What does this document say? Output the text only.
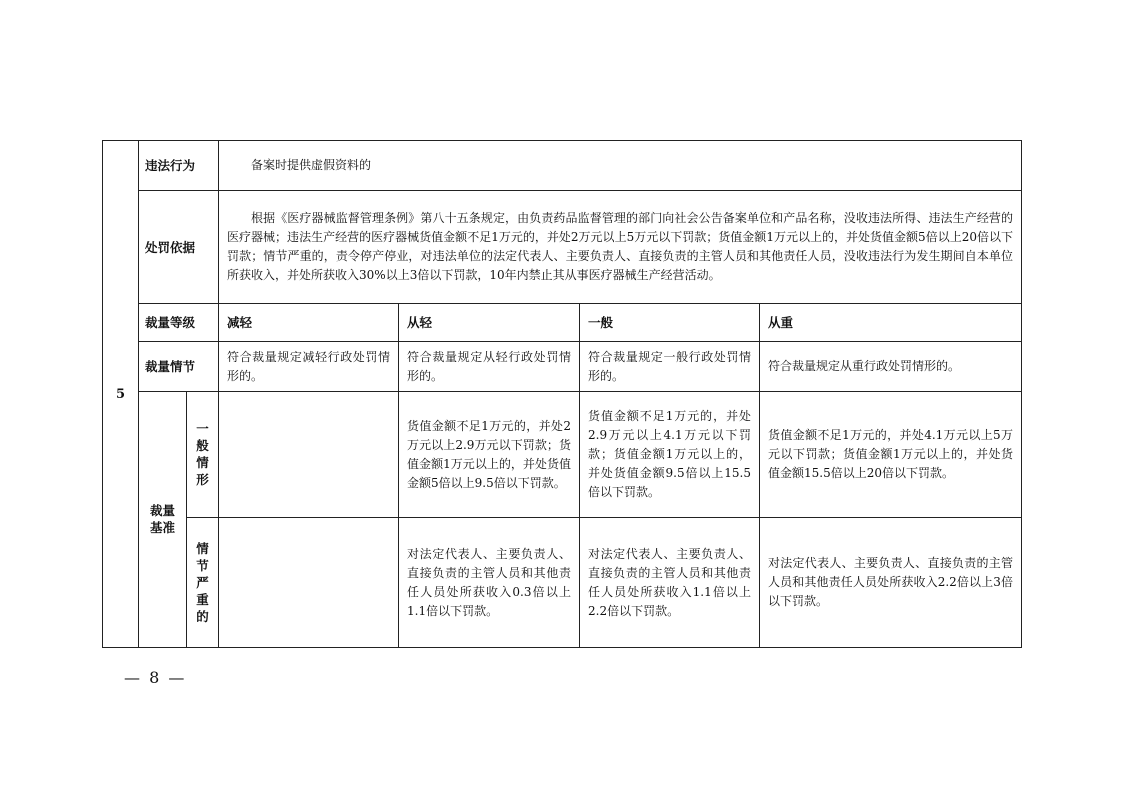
5	违法行为		备案时提供虚假资料的			
	处罚依据		根据《医疗器械监督管理条例》第八十五条规定，由负责药品监督管理的部门向社会公告备案单位和产品名称，没收违法所得、违法生产经营的医疗器械；违法生产经营的医疗器械货值金额不足1万元的，并处2万元以上5万元以下罚款；货值金额1万元以上的，并处货值金额5倍以上20倍以下罚款；情节严重的，责令停产停业，对违法单位的法定代表人、主要负责人、直接负责的主管人员和其他责任人员，没收违法行为发生期间自本单位所获收入，并处所获收入30%以上3倍以下罚款，10年内禁止其从事医疗器械生产经营活动。			
	裁量等级		减轻	从轻	一般	从重
	裁量情节		符合裁量规定减轻行政处罚情形的。	符合裁量规定从轻行政处罚情形的。	符合裁量规定一般行政处罚情形的。	符合裁量规定从重行政处罚情形的。
	裁量基准	一般情形		货值金额不足1万元的，并处2万元以上2.9万元以下罚款；货值金额1万元以上的，并处货值金额5倍以上9.5倍以下罚款。	货值金额不足1万元的，并处2.9万元以上4.1万元以下罚款；货值金额1万元以上的，并处货值金额9.5倍以上15.5倍以下罚款。	货值金额不足1万元的，并处4.1万元以上5万元以下罚款；货值金额1万元以上的，并处货值金额15.5倍以上20倍以下罚款。
		情节严重的		对法定代表人、主要负责人、直接负责的主管人员和其他责任人员处所获收入0.3倍以上1.1倍以下罚款。	对法定代表人、主要负责人、直接负责的主管人员和其他责任人员处所获收入1.1倍以上2.2倍以下罚款。	对法定代表人、主要负责人、直接负责的主管人员和其他责任人员处所获收入2.2倍以上3倍以下罚款。
— 8 —
